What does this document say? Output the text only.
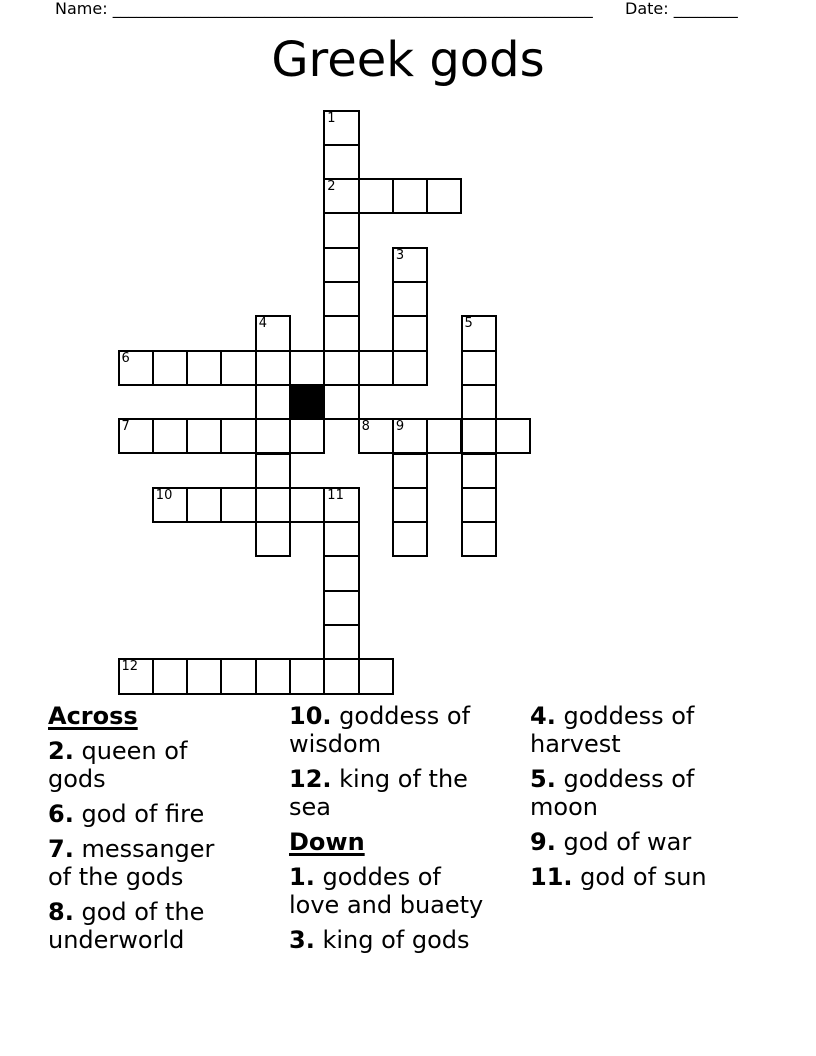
Name: ____________________________________________________________ Date: ________
Greek gods
1
2
3
4	5
6
7	8 9
10	11
12
Across
2. queen of
gods
6. god of fire
7. messanger
of the gods
8. god of the
underworld
10. goddess of
wisdom
12. king of the
sea
Down
1. goddes of
love and buaety
3. king of gods
4. goddess of
harvest
5. goddess of
moon
9. god of war
11. god of sun
